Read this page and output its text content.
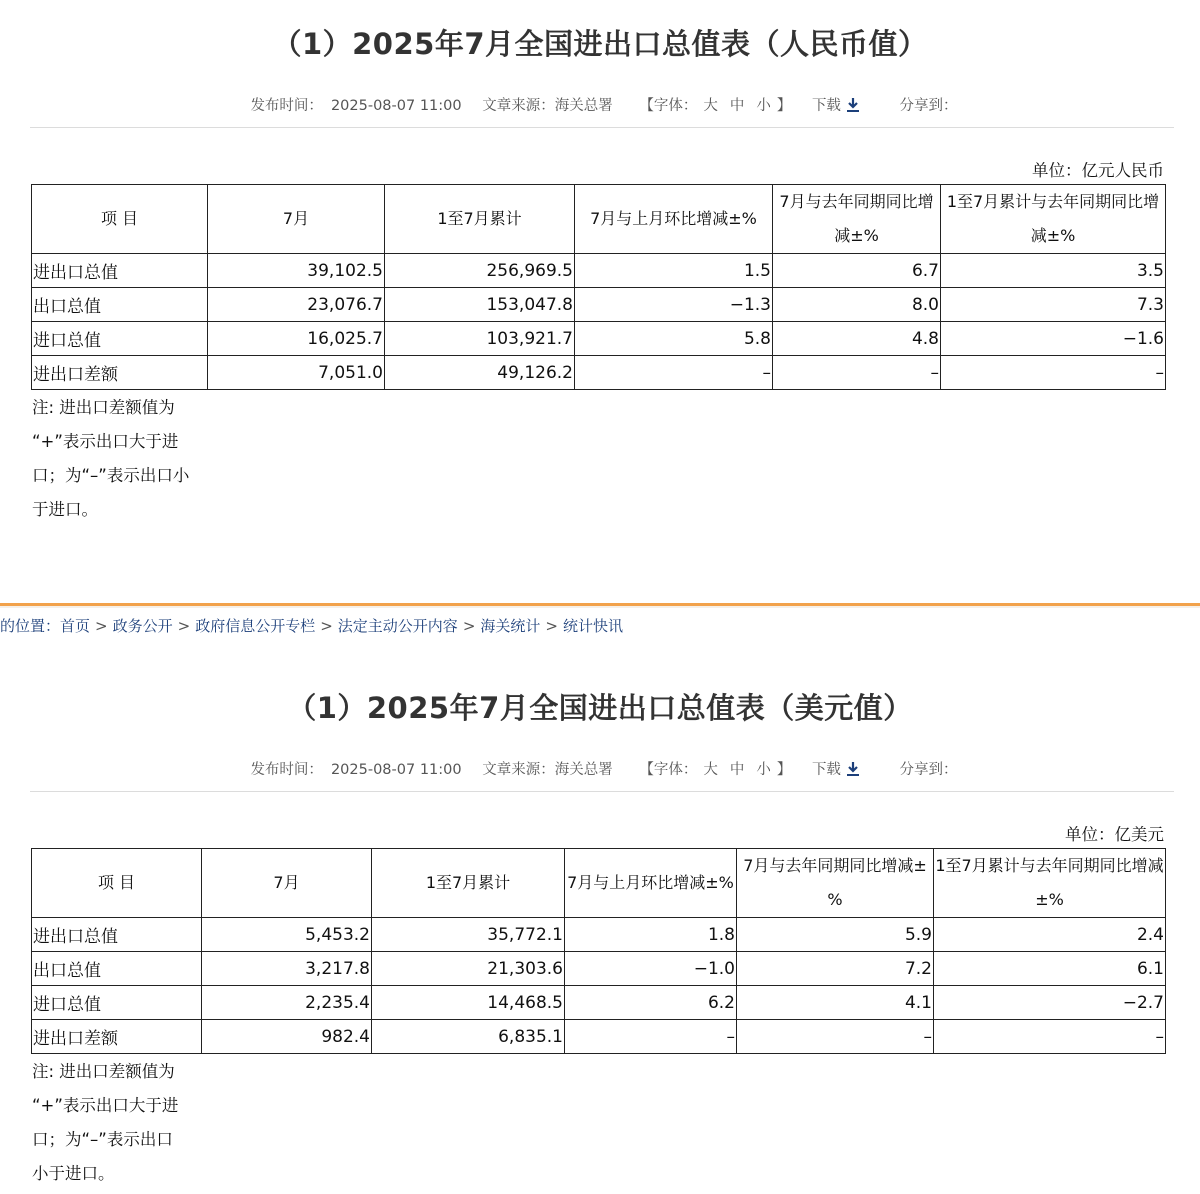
（1）2025年7月全国进出口总值表（人民币值）
发布时间： 2025-08-07 11:00 文章来源：海关总署 【字体： 大 中 小 】 下载	分享到：
单位：亿元人民币
项 目	7月	1至7月累计	7月与上月环比增减±%	7月与去年同期同比增减±%	1至7月累计与去年同期同比增减±%
进出口总值	39,102.5	256,969.5	1.5	6.7	3.5
出口总值	23,076.7	153,047.8	−1.3	8.0	7.3
进口总值	16,025.7	103,921.7	5.8	4.8	−1.6
进出口差额	7,051.0	49,126.2	–	–	–
注: 进出口差额值为
“+”表示出口大于进
口；为“–”表示出口小
于进口。
的位置：首页 > 政务公开 > 政府信息公开专栏 > 法定主动公开内容 > 海关统计 > 统计快讯
（1）2025年7月全国进出口总值表（美元值）
发布时间： 2025-08-07 11:00 文章来源：海关总署 【字体： 大 中 小 】 下载	分享到：
单位：亿美元
项 目	7月	1至7月累计	7月与上月环比增减±%	7月与去年同期同比增减±%	1至7月累计与去年同期同比增减±%
进出口总值	5,453.2	35,772.1	1.8	5.9	2.4
出口总值	3,217.8	21,303.6	−1.0	7.2	6.1
进口总值	2,235.4	14,468.5	6.2	4.1	−2.7
进出口差额	982.4	6,835.1	–	–	–
注: 进出口差额值为
“+”表示出口大于进
口；为“–”表示出口
小于进口。
